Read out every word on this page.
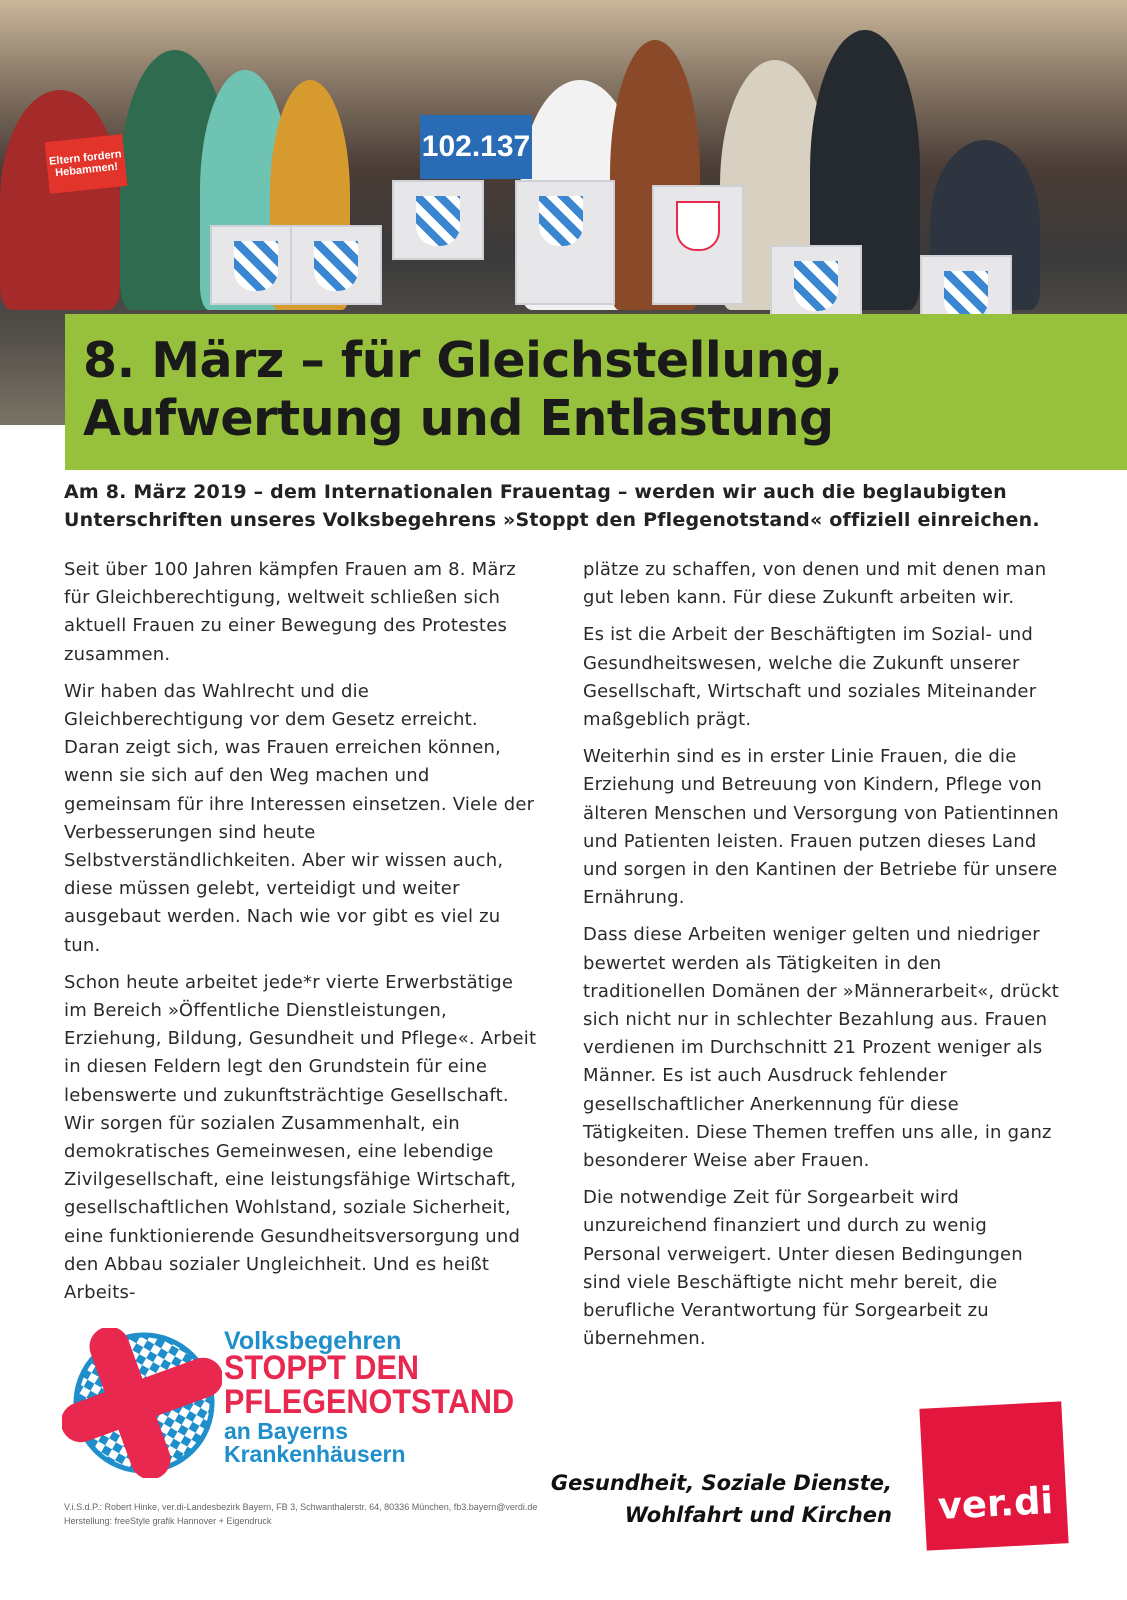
102.137
Eltern fordern Hebammen!
8. März – für Gleichstellung,
Aufwertung und Entlastung
Am 8. März 2019 – dem Internationalen Frauentag – werden wir auch die beglaubigten Unterschriften unseres Volksbegehrens »Stoppt den Pflegenotstand« offiziell einreichen.

Seit über 100 Jahren kämpfen Frauen am 8. März für Gleichberechtigung, weltweit schließen sich aktuell Frauen zu einer Bewegung des Protestes zusammen.

Wir haben das Wahlrecht und die Gleichberechtigung vor dem Gesetz erreicht. Daran zeigt sich, was Frauen erreichen können, wenn sie sich auf den Weg machen und gemeinsam für ihre Interessen einsetzen. Viele der Verbesserungen sind heute Selbstverständlichkeiten. Aber wir wissen auch, diese müssen gelebt, verteidigt und weiter ausgebaut werden. Nach wie vor gibt es viel zu tun.

Schon heute arbeitet jede*r vierte Erwerbstätige im Bereich »Öffentliche Dienstleistungen, Erziehung, Bildung, Gesundheit und Pflege«. Arbeit in diesen Feldern legt den Grundstein für eine lebenswerte und zukunftsträchtige Gesellschaft. Wir sorgen für sozialen Zusammenhalt, ein demokratisches Gemeinwesen, eine lebendige Zivilgesellschaft, eine leistungsfähige Wirtschaft, gesellschaftlichen Wohlstand, soziale Sicherheit, eine funktionierende Gesundheitsversorgung und den Abbau sozialer Ungleichheit. Und es heißt Arbeits-

plätze zu schaffen, von denen und mit denen man gut leben kann. Für diese Zukunft arbeiten wir.

Es ist die Arbeit der Beschäftigten im Sozial- und Gesundheitswesen, welche die Zukunft unserer Gesellschaft, Wirtschaft und soziales Miteinander maßgeblich prägt.

Weiterhin sind es in erster Linie Frauen, die die Erziehung und Betreuung von Kindern, Pflege von älteren Menschen und Versorgung von Patientinnen und Patienten leisten. Frauen putzen dieses Land und sorgen in den Kantinen der Betriebe für unsere Ernährung.

Dass diese Arbeiten weniger gelten und niedriger bewertet werden als Tätigkeiten in den traditionellen Domänen der »Männerarbeit«, drückt sich nicht nur in schlechter Bezahlung aus. Frauen verdienen im Durchschnitt 21 Prozent weniger als Männer. Es ist auch Ausdruck fehlender gesellschaftlicher Anerkennung für diese Tätigkeiten. Diese Themen treffen uns alle, in ganz besonderer Weise aber Frauen.

Die notwendige Zeit für Sorgearbeit wird unzureichend finanziert und durch zu wenig Personal verweigert. Unter diesen Bedingungen sind viele Beschäftigte nicht mehr bereit, die berufliche Verantwortung für Sorgearbeit zu übernehmen.

Volksbegehren
STOPPT DEN
PFLEGENOTSTAND
an Bayerns
Krankenhäusern
V.i.S.d.P.: Robert Hinke, ver.di-Landesbezirk Bayern, FB 3, Schwanthalerstr. 64, 80336 München, fb3.bayern@verdi.de
Herstellung: freeStyle grafik Hannover + Eigendruck
Gesundheit, Soziale Dienste,
Wohlfahrt und Kirchen ver.di
